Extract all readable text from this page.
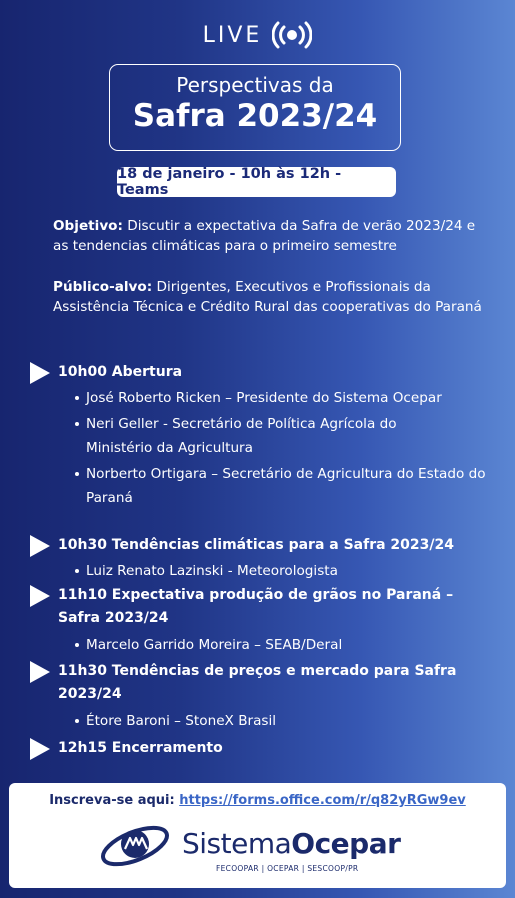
LIVE
Perspectivas da
Safra 2023/24
18 de janeiro - 10h às 12h - Teams
Objetivo: Discutir a expectativa da Safra de verão 2023/24 e as tendencias climáticas para o primeiro semestre
Público-alvo: Dirigentes, Executivos e Profissionais da Assistência Técnica e Crédito Rural das cooperativas do Paraná
10h00 Abertura
José Roberto Ricken – Presidente do Sistema Ocepar
Neri Geller - Secretário de Política Agrícola do Ministério da Agricultura
Norberto Ortigara – Secretário de Agricultura do Estado do Paraná
10h30 Tendências climáticas para a Safra 2023/24
Luiz Renato Lazinski - Meteorologista
11h10 Expectativa produção de grãos no Paraná – Safra 2023/24
Marcelo Garrido Moreira – SEAB/Deral
11h30 Tendências de preços e mercado para Safra 2023/24
Étore Baroni – StoneX Brasil
12h15 Encerramento
Inscreva-se aqui: https://forms.office.com/r/q82yRGw9ev
SistemaOcepar
FECOOPAR | OCEPAR | SESCOOP/PR
